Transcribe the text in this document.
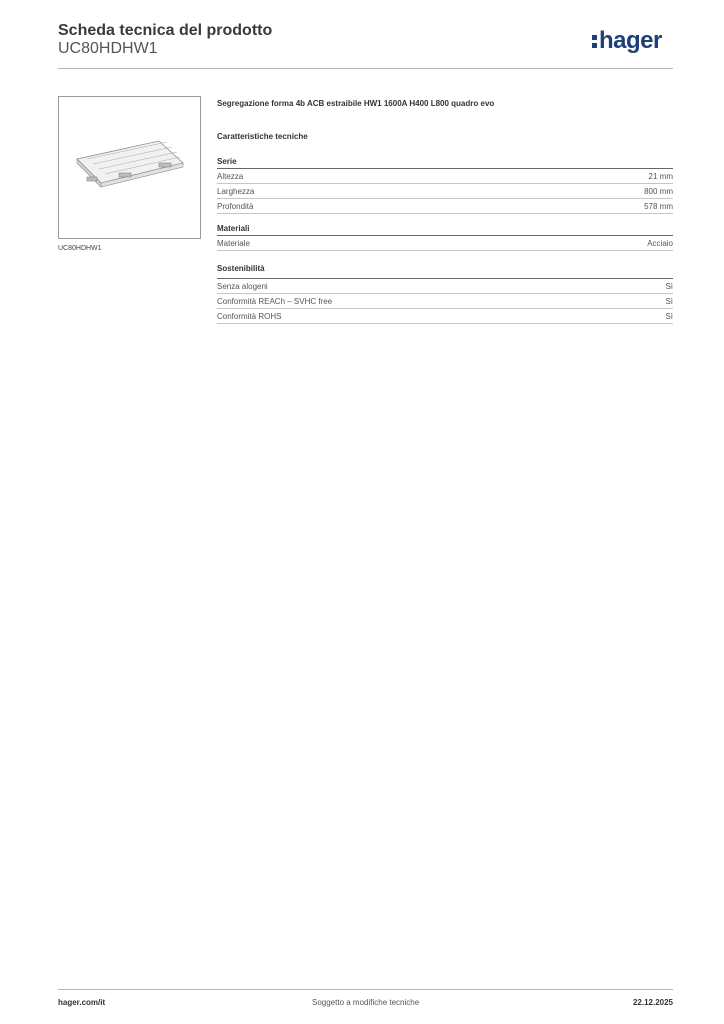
Scheda tecnica del prodotto
UC80HDHW1	hager
UC80HDHW1
Segregazione forma 4b ACB estraibile HW1 1600A H400 L800 quadro evo
Caratteristiche tecniche
Serie
Altezza	21 mm
Larghezza	800 mm
Profondità	578 mm
Materiali
Materiale	Acciaio
Sostenibilità
Senza alogeni	Sì
Conformità REACh – SVHC free	Sì
Conformità ROHS	Sì
hager.com/it	Soggetto a modifiche tecniche	22.12.2025
